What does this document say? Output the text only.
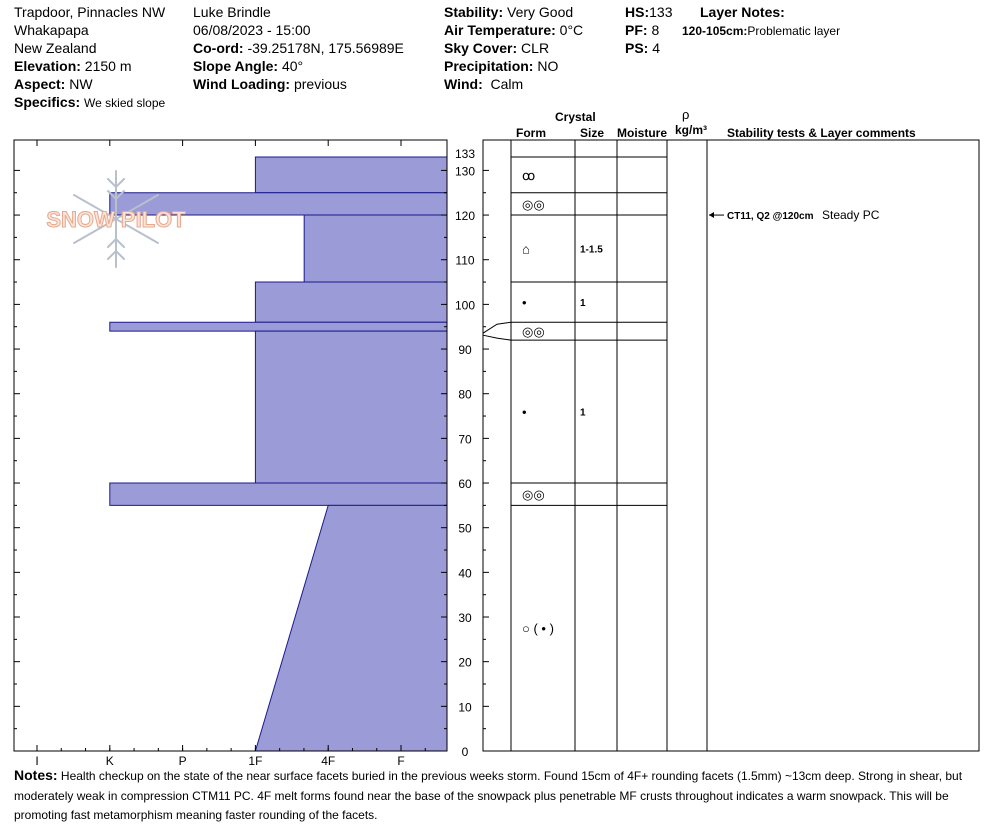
Trapdoor, Pinnacles NW
Whakapapa
New Zealand
Elevation: 2150 m
Aspect: NW
Specifics: We skied slope
Luke Brindle
06/08/2023 - 15:00
Co-ord: -39.25178N, 175.56989E
Slope Angle: 40°
Wind Loading: previous
Stability: Very Good
Air Temperature: 0°C
Sky Cover: CLR
Precipitation: NO
Wind: Calm
HS:133
PF: 8
PS: 4
Layer Notes:
120-105cm:Problematic layer
Crystal
Form	Size Moisture
ρ
kg/m³ Stability tests & Layer comments
SNOW PILOT
0
10
20
30
40
50
60
70
80
90
100
110
120
130
133
I	K	P	1F	4F	F
ꝏ
◎◎
⌂	1-1.5
•	1
◎◎
•	1
◎◎
○ ( • )
CT11, Q2 @120cm Steady PC
Notes: Health checkup on the state of the near surface facets buried in the previous weeks storm. Found 15cm of 4F+ rounding facets (1.5mm) ~13cm deep. Strong in shear, but moderately weak in compression CTM11 PC. 4F melt forms found near the base of the snowpack plus penetrable MF crusts throughout indicates a warm snowpack. This will be promoting fast metamorphism meaning faster rounding of the facets.
